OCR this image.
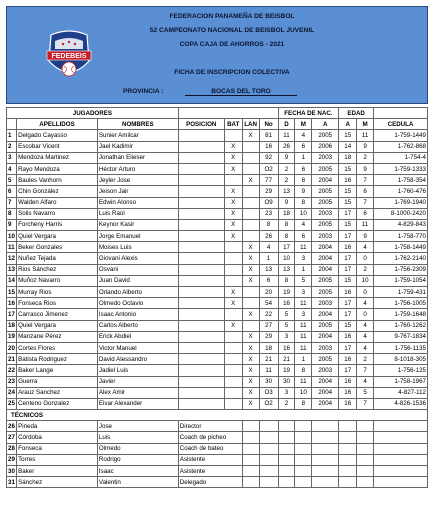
FEDERACION PANAMEÑA DE BEISBOL
52 CAMPEONATO NACIONAL DE BEISBOL JUVENIL
COPA CAJA DE AHORROS - 2021
FICHA DE INSCRIPCION COLECTIVA
FEDEBEIS
PROVINCIA :	BOCAS DEL TORO
JUGADORES							FECHA DE NAC.			EDAD		
	APELLIDOS	NOMBRES	POSICION	BAT	LAN	No	D	M	A	A	M	CEDULA
1	Delgado Cayasso	Sunier Amilcar			X	81	11	4	2005	15	11	1-759-1449
2	Escobar Vicent	Jael Kadimir		X		16	26	6	2006	14	9	1-762-868
3	Mendoza Martinez	Jonathan Elieser		X		92	9	1	2003	18	2	1-754-4
4	Rayo Mendoza	Héctor Arturo		X		O2	2	6	2005	15	9	1-759-1333
5	Baules Vanhorn	Jeyler Jose			X	77	2	8	2004	16	7	1-758-354
6	Chin González	Jeison Jair		X		29	13	9	2005	15	6	1-760-476
7	Walden Alfaro	Edwin Alonso		X		O9	9	8	2005	15	7	1-769-1940
8	Solis Navarro	Luis Raúl		X		23	18	10	2003	17	6	8-1000-2420
9	Forcheny Harris	Keynor Kasir		X		8	8	4	2005	15	11	4-829-843
10	Quiel Vergara	Jorge Emanuel		X		26	8	6	2003	17	9	1-758-770
11	Beker Gonzales	Moises Luis			X	4	17	11	2004	16	4	1-758-1449
12	Nuñez Tejada	Giovani Alexis			X	1	10	3	2004	17	0	1-762-2140
13	Rios Sánchez	Osvani			X	13	13	1	2004	17	2	1-756-2309
14	Muñoz Navarro	Juan David			X	6	8	5	2005	15	10	1-759-1054
15	Murray Rios	Orlando Alberto		X		20	19	3	2005	16	0	1-759-431
16	Fonseca Rios	Olmedo Octavio		X		54	16	11	2003	17	4	1-756-1005
17	Carrasco Jimenez	Isaac Antonio			X	22	5	3	2004	17	0	1-759-1648
18	Quiel Vergara	Carlos Alberto		X		27	5	11	2005	15	4	1-760-1262
19	Manzane Pérez	Erick Abdiel			X	29	3	11	2004	16	4	9-767-1834
20	Cortes Flores	Victor Manuel			X	18	16	11	2003	17	4	1-756-1135
21	Batista Rodriguez	David Alessandro			X	21	21	1	2005	16	2	8-1018-305
22	Baker Lange	Jadiel Luis			X	11	19	8	2003	17	7	1-756-125
23	Guerra	Javier			X	30	30	11	2004	16	4	1-758-1967
24	Arauz Sanchez	Alex Amir			X	O3	3	10	2004	16	5	4-827-112
25	Centeno Gonzalez	Eivar Alexander			X	O2	2	8	2004	16	7	4-826-1536
TÉCNICOS												
26	Pineda	Jose	Director									
27	Córdoba	Luis	Coach de picheo									
28	Fonseca	Olmedo	Coach de bateo									
29	Torres	Rodrigo	Asistente									
30	Baker	Isaac	Asistente									
31	Sánchez	Valentin	Delegado									
